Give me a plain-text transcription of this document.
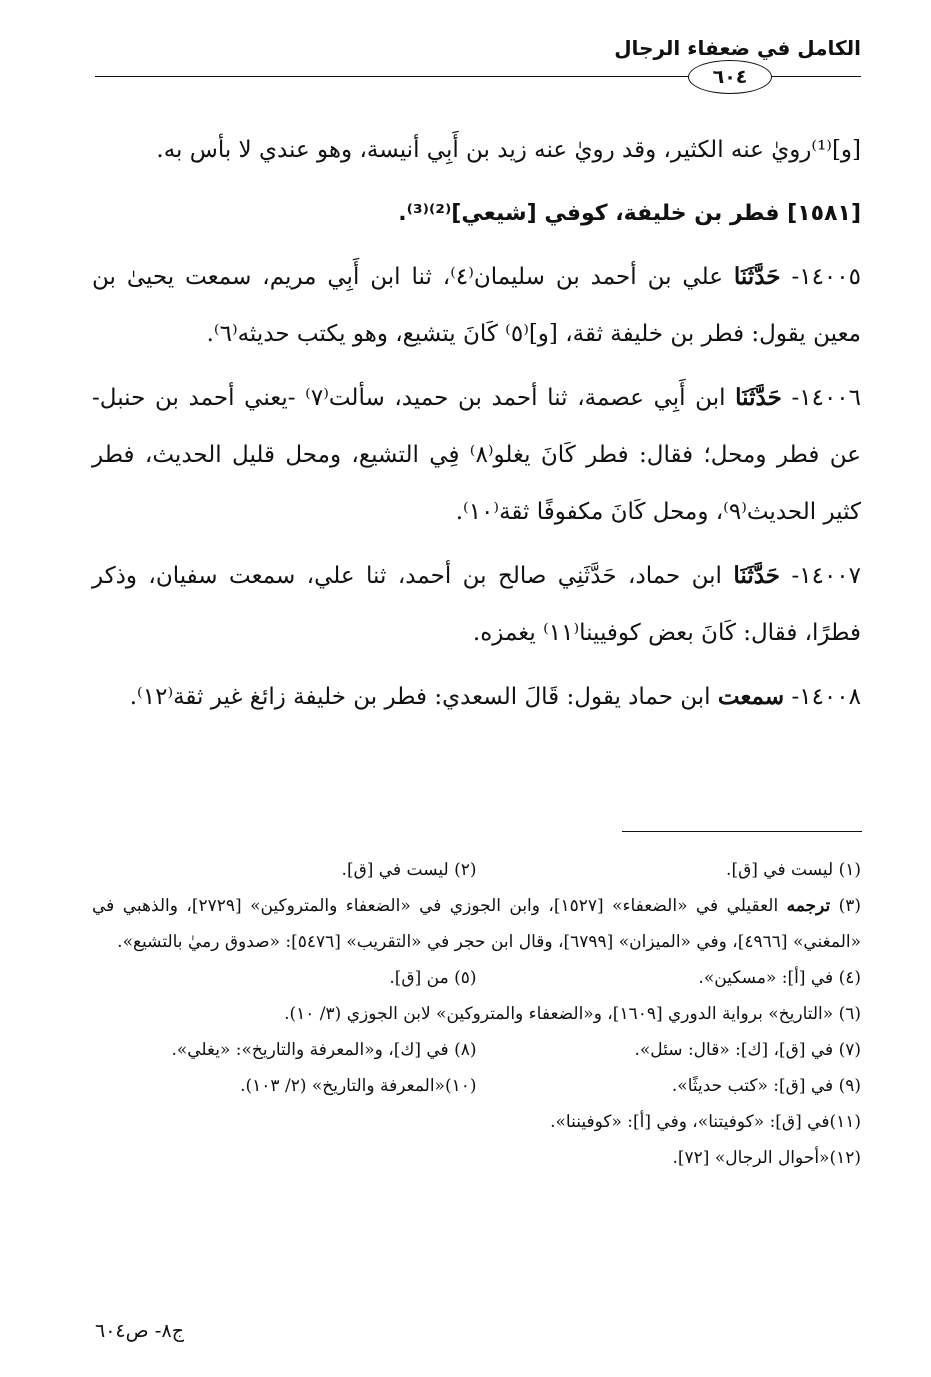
الكامل في ضعفاء الرجال
٦٠٤

[و]⁽¹⁾رويٰ عنه الكثير، وقد رويٰ عنه زيد بن أَبِي أنيسة، وهو عندي لا بأس به.

[١٥٨١] فطر بن خليفة، كوفي [شيعي]⁽²⁾⁽³⁾.

١٤٠٠٥- حَدَّثَنَا علي بن أحمد بن سليمان⁽٤⁾، ثنا ابن أَبِي مريم، سمعت يحيىٰ بن معين يقول: فطر بن خليفة ثقة، [و]⁽٥⁾ كَانَ يتشيع، وهو يكتب حديثه⁽٦⁾.

١٤٠٠٦- حَدَّثَنَا ابن أَبِي عصمة، ثنا أحمد بن حميد، سألت⁽٧⁾ -يعني أحمد بن حنبل- عن فطر ومحل؛ فقال: فطر كَانَ يغلو⁽٨⁾ فِي التشيع، ومحل قليل الحديث، فطر كثير الحديث⁽٩⁾، ومحل كَانَ مكفوفًا ثقة⁽١٠⁾.

١٤٠٠٧- حَدَّثَنَا ابن حماد، حَدَّثَنِي صالح بن أحمد، ثنا علي، سمعت سفيان، وذكر فطرًا، فقال: كَانَ بعض كوفيينا⁽١١⁾ يغمزه.

١٤٠٠٨- سمعت ابن حماد يقول: قَالَ السعدي: فطر بن خليفة زائغ غير ثقة⁽١٢⁾.

(١) ليست في [ق].
(٢) ليست في [ق].
(٣) ترجمه العقيلي في «الضعفاء» [١٥٢٧]، وابن الجوزي في «الضعفاء والمتروكين» [٢٧٢٩]، والذهبي في «المغني» [٤٩٦٦]، وفي «الميزان» [٦٧٩٩]، وقال ابن حجر في «التقريب» [٥٤٧٦]: «صدوق رميٰ بالتشيع».
(٤) في [أ]: «مسكين».
(٥) من [ق].
(٦) «التاريخ» برواية الدوري [١٦٠٩]، و«الضعفاء والمتروكين» لابن الجوزي (٣/ ١٠).
(٧) في [ق]، [ك]: «قال: سئل».
(٨) في [ك]، و«المعرفة والتاريخ»: «يغلي».
(٩) في [ق]: «كتب حديثًا».
(١٠)«المعرفة والتاريخ» (٢/ ١٠٣).
(١١)في [ق]: «كوفيتنا»، وفي [أ]: «كوفيننا».
(١٢)«أحوال الرجال» [٧٢].
ج٨- ص٦٠٤
